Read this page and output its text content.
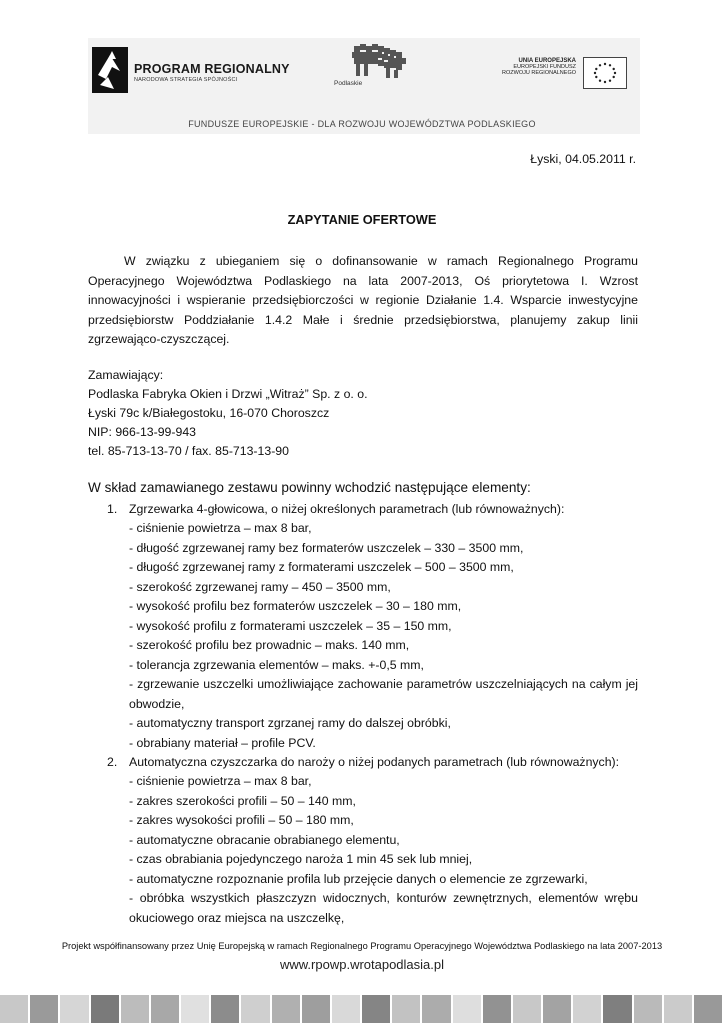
PROGRAM REGIONALNY
NARODOWA STRATEGIA SPÓJNOŚCI	Podlaskie
UNIA EUROPEJSKA
EUROPEJSKI FUNDUSZ
ROZWOJU REGIONALNEGO
FUNDUSZE EUROPEJSKIE - DLA ROZWOJU WOJEWÓDZTWA PODLASKIEGO
Łyski, 04.05.2011 r.
ZAPYTANIE OFERTOWE

W związku z ubieganiem się o dofinansowanie w ramach Regionalnego Programu Operacyjnego Województwa Podlaskiego na lata 2007-2013, Oś priorytetowa I. Wzrost innowacyjności i wspieranie przedsiębiorczości w regionie Działanie 1.4. Wsparcie inwestycyjne przedsiębiorstw Poddziałanie 1.4.2 Małe i średnie przedsiębiorstwa, planujemy zakup linii zgrzewająco-czyszczącej.

Zamawiający:
Podlaska Fabryka Okien i Drzwi „Witraż” Sp. z o. o.
Łyski 79c k/Białegostoku, 16-070 Choroszcz
NIP: 966-13-99-943
tel. 85-713-13-70 / fax. 85-713-13-90
W skład zamawianego zestawu powinny wchodzić następujące elementy:
1. Zgrzewarka 4-głowicowa, o niżej określonych parametrach (lub równoważnych):
- ciśnienie powietrza – max 8 bar,
- długość zgrzewanej ramy bez formaterów uszczelek – 330 – 3500 mm,
- długość zgrzewanej ramy z formaterami uszczelek – 500 – 3500 mm,
- szerokość zgrzewanej ramy – 450 – 3500 mm,
- wysokość profilu bez formaterów uszczelek – 30 – 180 mm,
- wysokość profilu z formaterami uszczelek – 35 – 150 mm,
- szerokość profilu bez prowadnic – maks. 140 mm,
- tolerancja zgrzewania elementów – maks. +-0,5 mm,
- zgrzewanie uszczelki umożliwiające zachowanie parametrów uszczelniających na całym jej obwodzie,
- automatyczny transport zgrzanej ramy do dalszej obróbki,
- obrabiany materiał – profile PCV.
2. Automatyczna czyszczarka do naroży o niżej podanych parametrach (lub równoważnych):
- ciśnienie powietrza – max 8 bar,
- zakres szerokości profili – 50 – 140 mm,
- zakres wysokości profili – 50 – 180 mm,
- automatyczne obracanie obrabianego elementu,
- czas obrabiania pojedynczego naroża 1 min 45 sek lub mniej,
- automatyczne rozpoznanie profila lub przejęcie danych o elemencie ze zgrzewarki,
- obróbka wszystkich płaszczyzn widocznych, konturów zewnętrznych, elementów wrębu okuciowego oraz miejsca na uszczelkę,
Projekt współfinansowany przez Unię Europejską w ramach Regionalnego Programu Operacyjnego Województwa Podlaskiego na lata 2007-2013
www.rpowp.wrotapodlasia.pl
